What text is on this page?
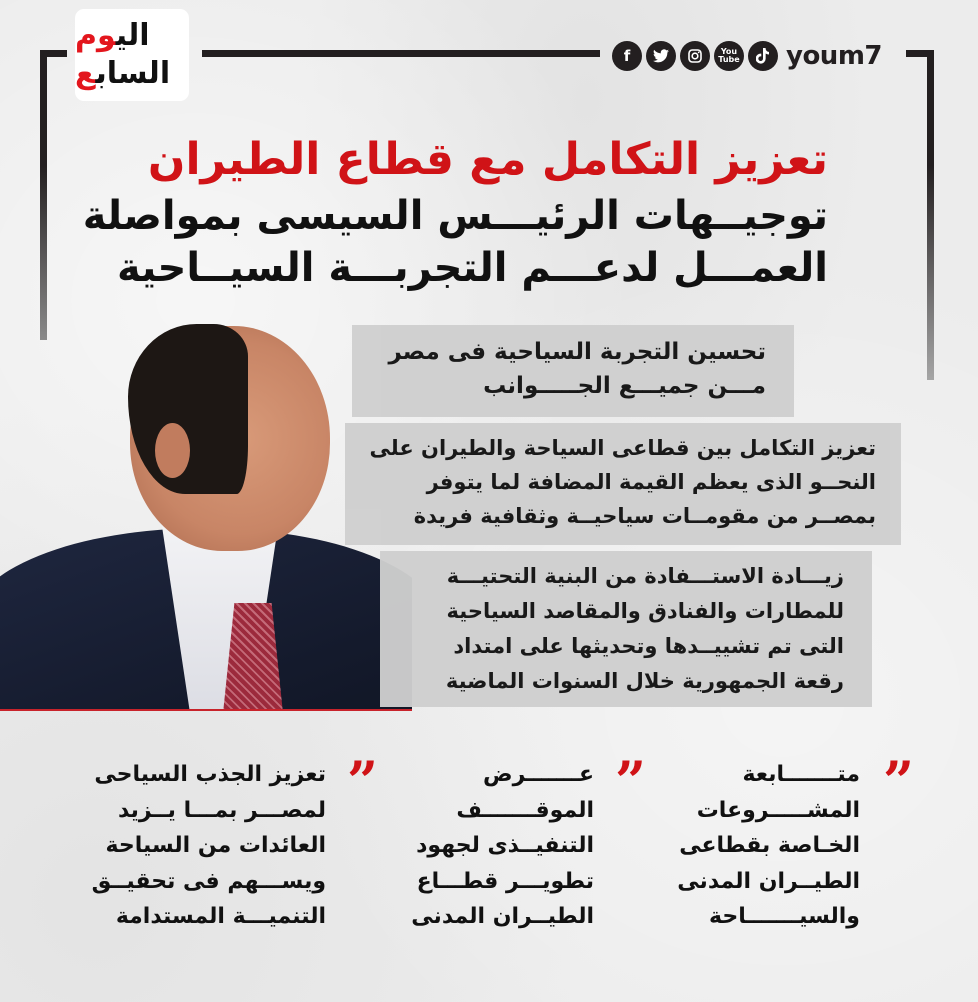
اليوم
السابع	f	You
Tube youm7
تعزيز التكامل مع قطاع الطيران
توجيــهات الرئيـــس السيسى بمواصلة
العمـــل لدعـــم التجربـــة السيــاحية
تحسين التجربة السياحية فى مصر
مـــن جميـــع الجـــــوانب
تعزيز التكامل بين قطاعى السياحة والطيران على
النحــو الذى يعظم القيمة المضافة لما يتوفر
بمصــر من مقومــات سياحيــة وثقافية فريدة
زيـــادة الاستـــفادة من البنية التحتيـــة
للمطارات والفنادق والمقاصد السياحية
التى تم تشييــدها وتحديثها على امتداد
رقعة الجمهورية خلال السنوات الماضية
”
متـــــــابعة
المشـــــروعات
الخـاصة بقطاعى
الطيــران المدنى
والسيـــــــاحة
”
عـــــــرض
الموقـــــــف
التنفيــذى لجهود
تطويـــر قطـــاع
الطيــران المدنى
”
تعزيز الجذب السياحى
لمصـــر بمـــا يــزيد
العائدات من السياحة
ويســـهم فى تحقيــق
التنميـــة المستدامة
